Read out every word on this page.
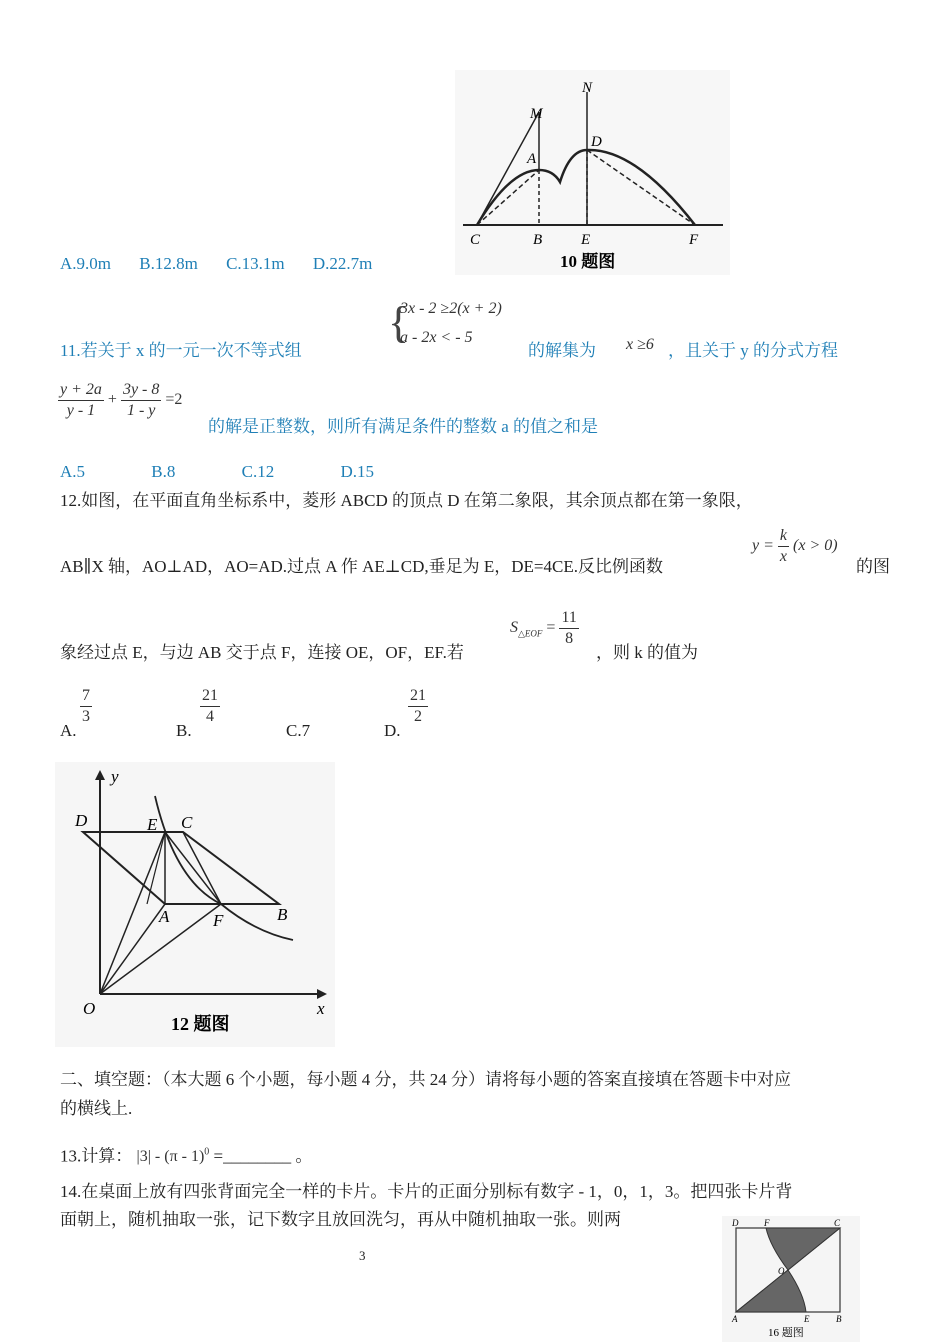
N
M
A
D
C	B	E	F
10 题图
A.9.0m B.12.8m C.13.1m D.22.7m
{
3x - 2 ≥2(x + 2)
a - 2x < - 5
11.若关于 x 的一元一次不等式组	的解集为 x ≥6 ，且关于 y 的分式方程
$\frac{y + 2a}{y - 1} + \frac{3y - 8}{1 - y} =2$
的解是正整数，则所有满足条件的整数 a 的值之和是
A.5	B.8	C.12	D.15
12.如图，在平面直角坐标系中，菱形 ABCD 的顶点 D 在第二象限，其余顶点都在第一象限，
AB∥X 轴，AO⊥AD，AO=AD.过点 A 作 AE⊥CD,垂足为 E，DE=4CE.反比例函数
$y = \frac{k}{x} (x > 0)$
的图
象经过点 E，与边 AB 交于点 F，连接 OE，OF，EF.若
$S_{\triangle EOF} = \frac{11}{8}$
，则 k 的值为
A.
$\frac{7}{3}$
B.
$\frac{21}{4}$
C.7	D.
$\frac{21}{2}$
D	E C
A	F	B
O
y
x
12 题图
二、填空题：（本大题 6 个小题，每小题 4 分，共 24 分）请将每小题的答案直接填在答题卡中对应
的横线上.
13.计算： |3| - (π - 1)$^0$ =________ 。
14.在桌面上放有四张背面完全一样的卡片。卡片的正面分别标有数字 - 1，0，1，3。把四张卡片背
面朝上，随机抽取一张，记下数字且放回洗匀，再从中随机抽取一张。则两
3
D	F	C
O
A	E	B
16 题图
